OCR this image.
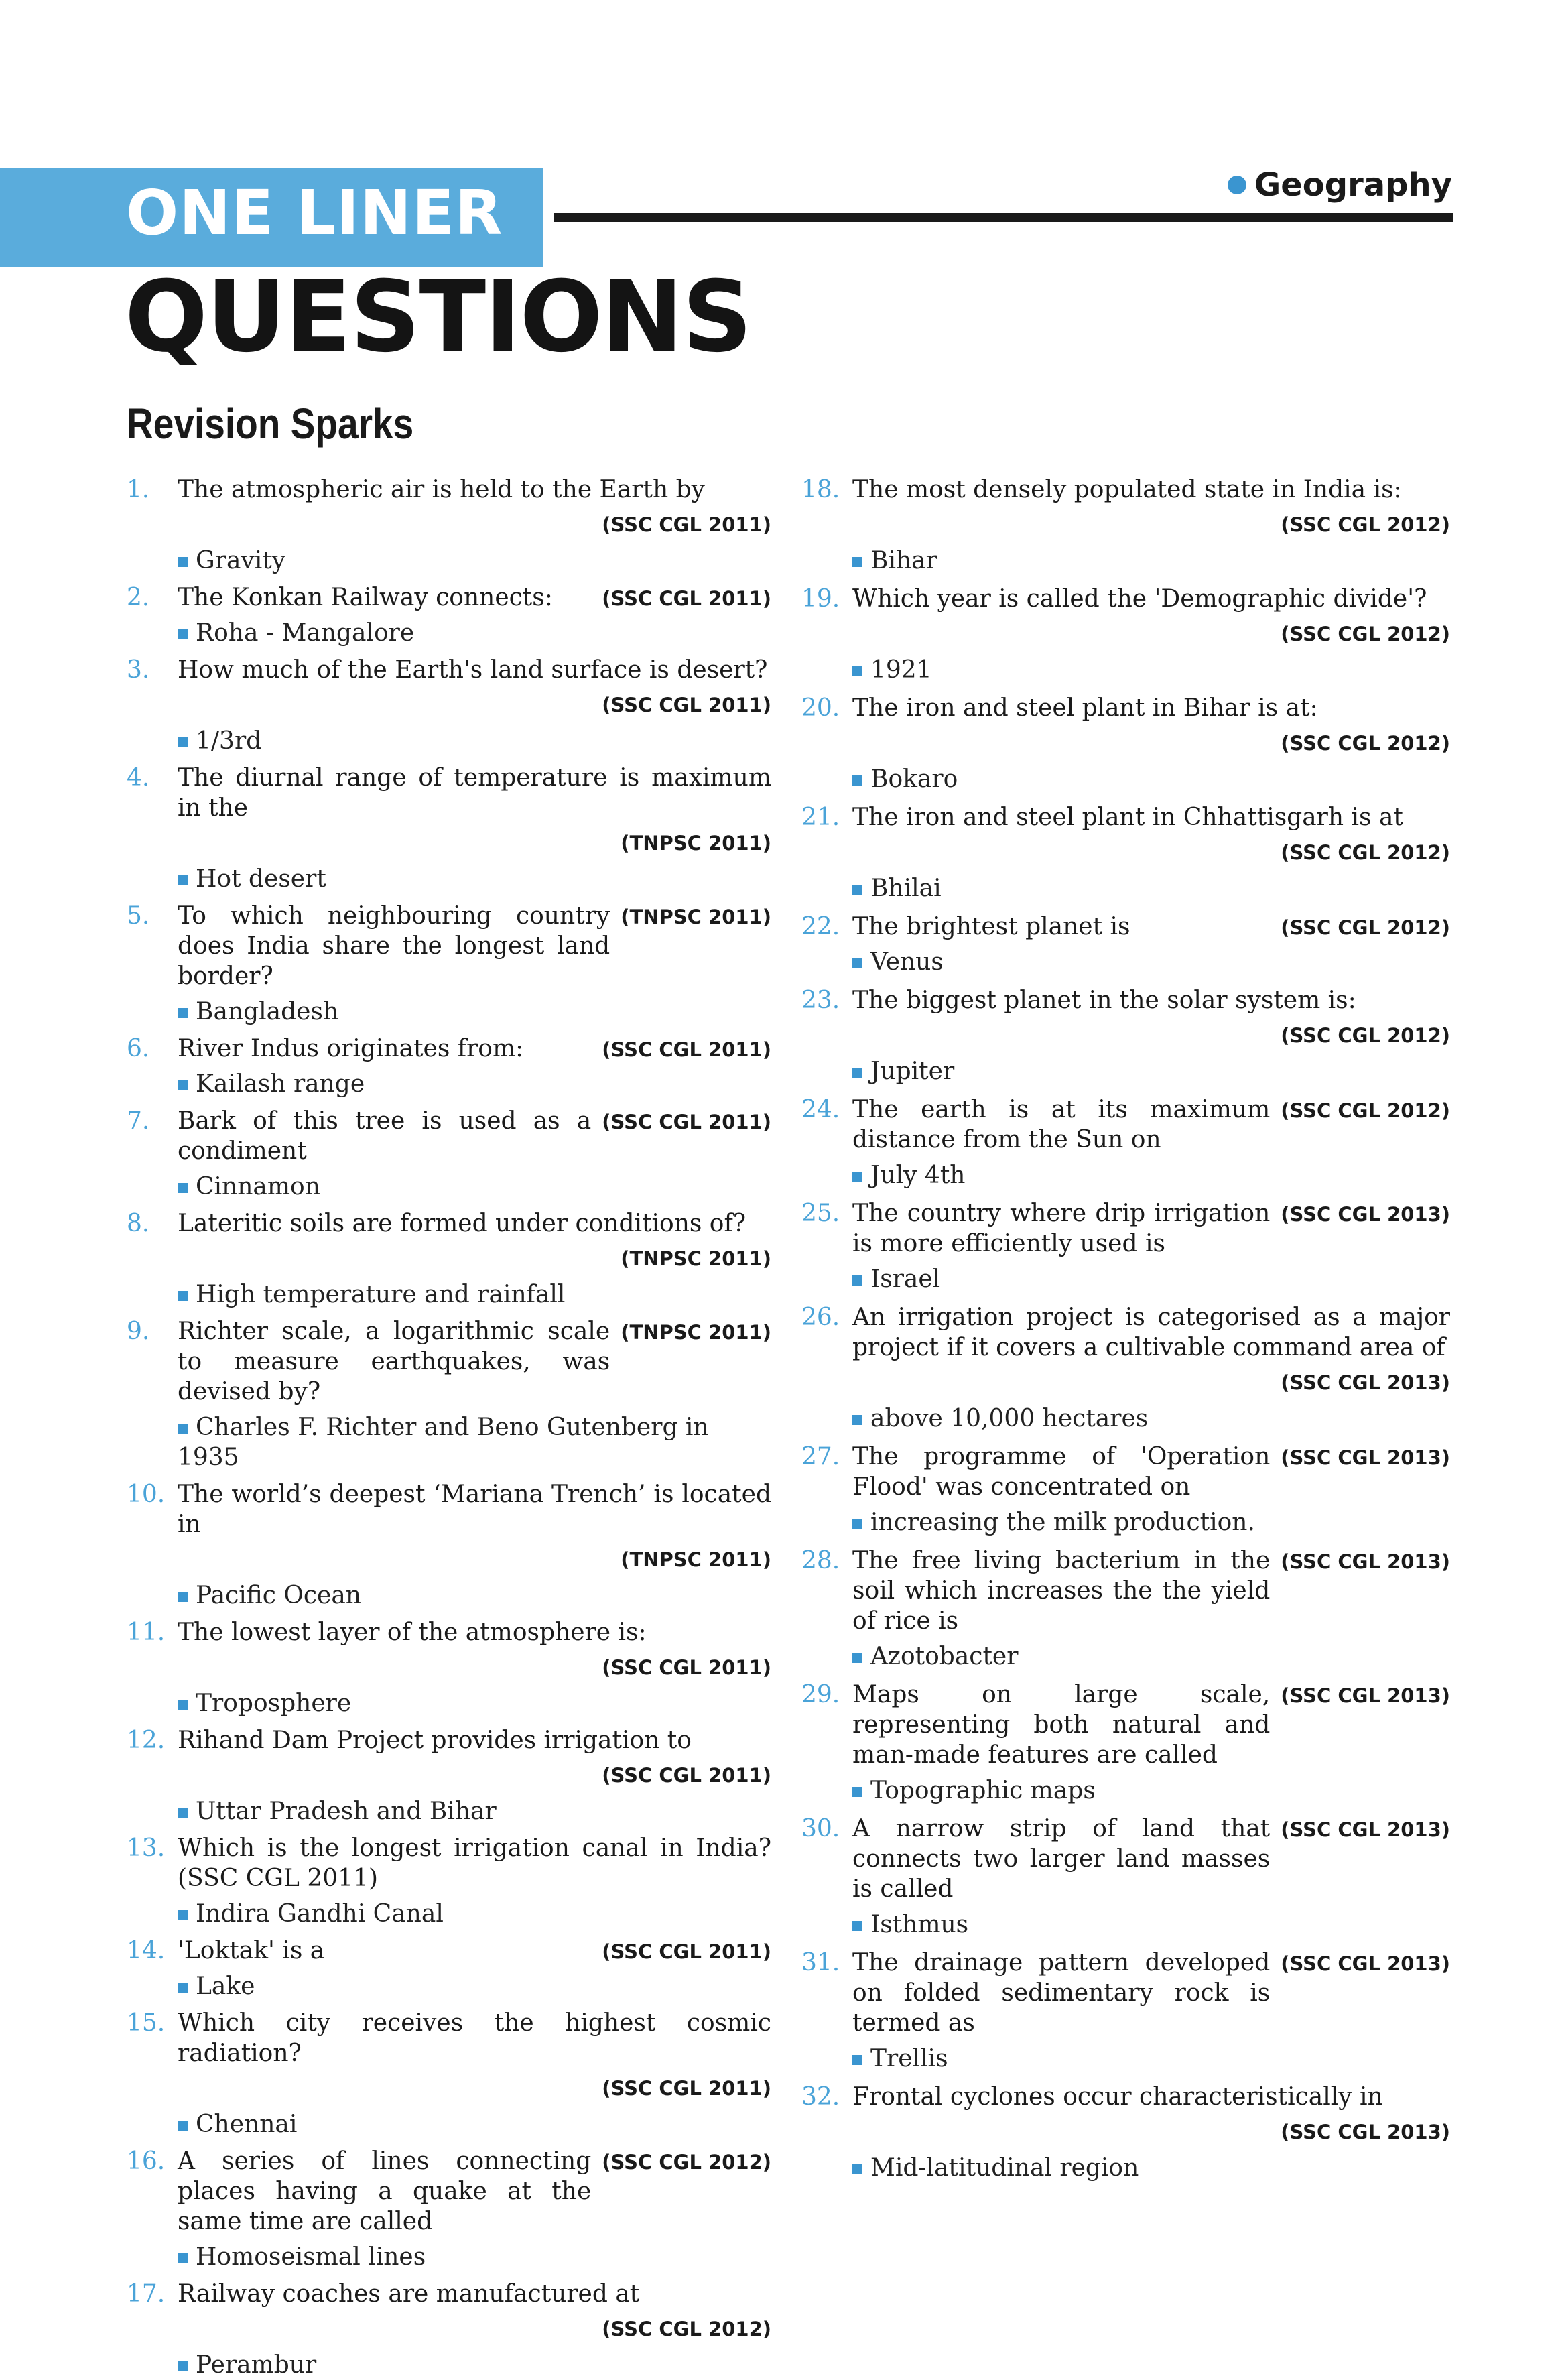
ONE LINER	Geography
QUESTIONS
Revision Sparks
1. The atmospheric air is held to the Earth by
(SSC CGL 2011)
Gravity
2.	(SSC CGL 2011)
The Konkan Railway connects:
Roha - Mangalore
3. How much of the Earth's land surface is desert?
(SSC CGL 2011)
1/3rd
4. The diurnal range of temperature is maximum in the
(TNPSC 2011)
Hot desert
5.	(TNPSC 2011)
To which neighbouring country does India share the longest land border?
Bangladesh
6.	(SSC CGL 2011)
River Indus originates from:
Kailash range
7.	(SSC CGL 2011)
Bark of this tree is used as a condiment
Cinnamon
8. Lateritic soils are formed under conditions of?
(TNPSC 2011)
High temperature and rainfall
9.	(TNPSC 2011)
Richter scale, a logarithmic scale to measure earthquakes, was devised by?
Charles F. Richter and Beno Gutenberg in 1935
10. The world’s deepest ‘Mariana Trench’ is located in
(TNPSC 2011)
Pacific Ocean
11. The lowest layer of the atmosphere is:
(SSC CGL 2011)
Troposphere
12. Rihand Dam Project provides irrigation to
(SSC CGL 2011)
Uttar Pradesh and Bihar
13. Which is the longest irrigation canal in India? (SSC CGL 2011)
Indira Gandhi Canal
14.	(SSC CGL 2011)
'Loktak' is a
Lake
15. Which city receives the highest cosmic radiation?
(SSC CGL 2011)
Chennai
16.	(SSC CGL 2012)
A series of lines connecting places having a quake at the same time are called
Homoseismal lines
17. Railway coaches are manufactured at
(SSC CGL 2012)
Perambur
18. The most densely populated state in India is:
(SSC CGL 2012)
Bihar
19. Which year is called the 'Demographic divide'?
(SSC CGL 2012)
1921
20. The iron and steel plant in Bihar is at:
(SSC CGL 2012)
Bokaro
21. The iron and steel plant in Chhattisgarh is at
(SSC CGL 2012)
Bhilai
22.	(SSC CGL 2012)
The brightest planet is
Venus
23. The biggest planet in the solar system is:
(SSC CGL 2012)
Jupiter
24.	(SSC CGL 2012)
The earth is at its maximum distance from the Sun on
July 4th
25.	(SSC CGL 2013)
The country where drip irrigation is more efficiently used is
Israel
26. An irrigation project is categorised as a major project if it covers a cultivable command area of
(SSC CGL 2013)
above 10,000 hectares
27.	(SSC CGL 2013)
The programme of 'Operation Flood' was concentrated on
increasing the milk production.
28.	(SSC CGL 2013)
The free living bacterium in the soil which increases the the yield of rice is
Azotobacter
29.	(SSC CGL 2013)
Maps on large scale, representing both natural and man-made features are called
Topographic maps
30.	(SSC CGL 2013)
A narrow strip of land that connects two larger land masses is called
Isthmus
31.	(SSC CGL 2013)
The drainage pattern developed on folded sedimentary rock is termed as
Trellis
32. Frontal cyclones occur characteristically in
(SSC CGL 2013)
Mid-latitudinal region
